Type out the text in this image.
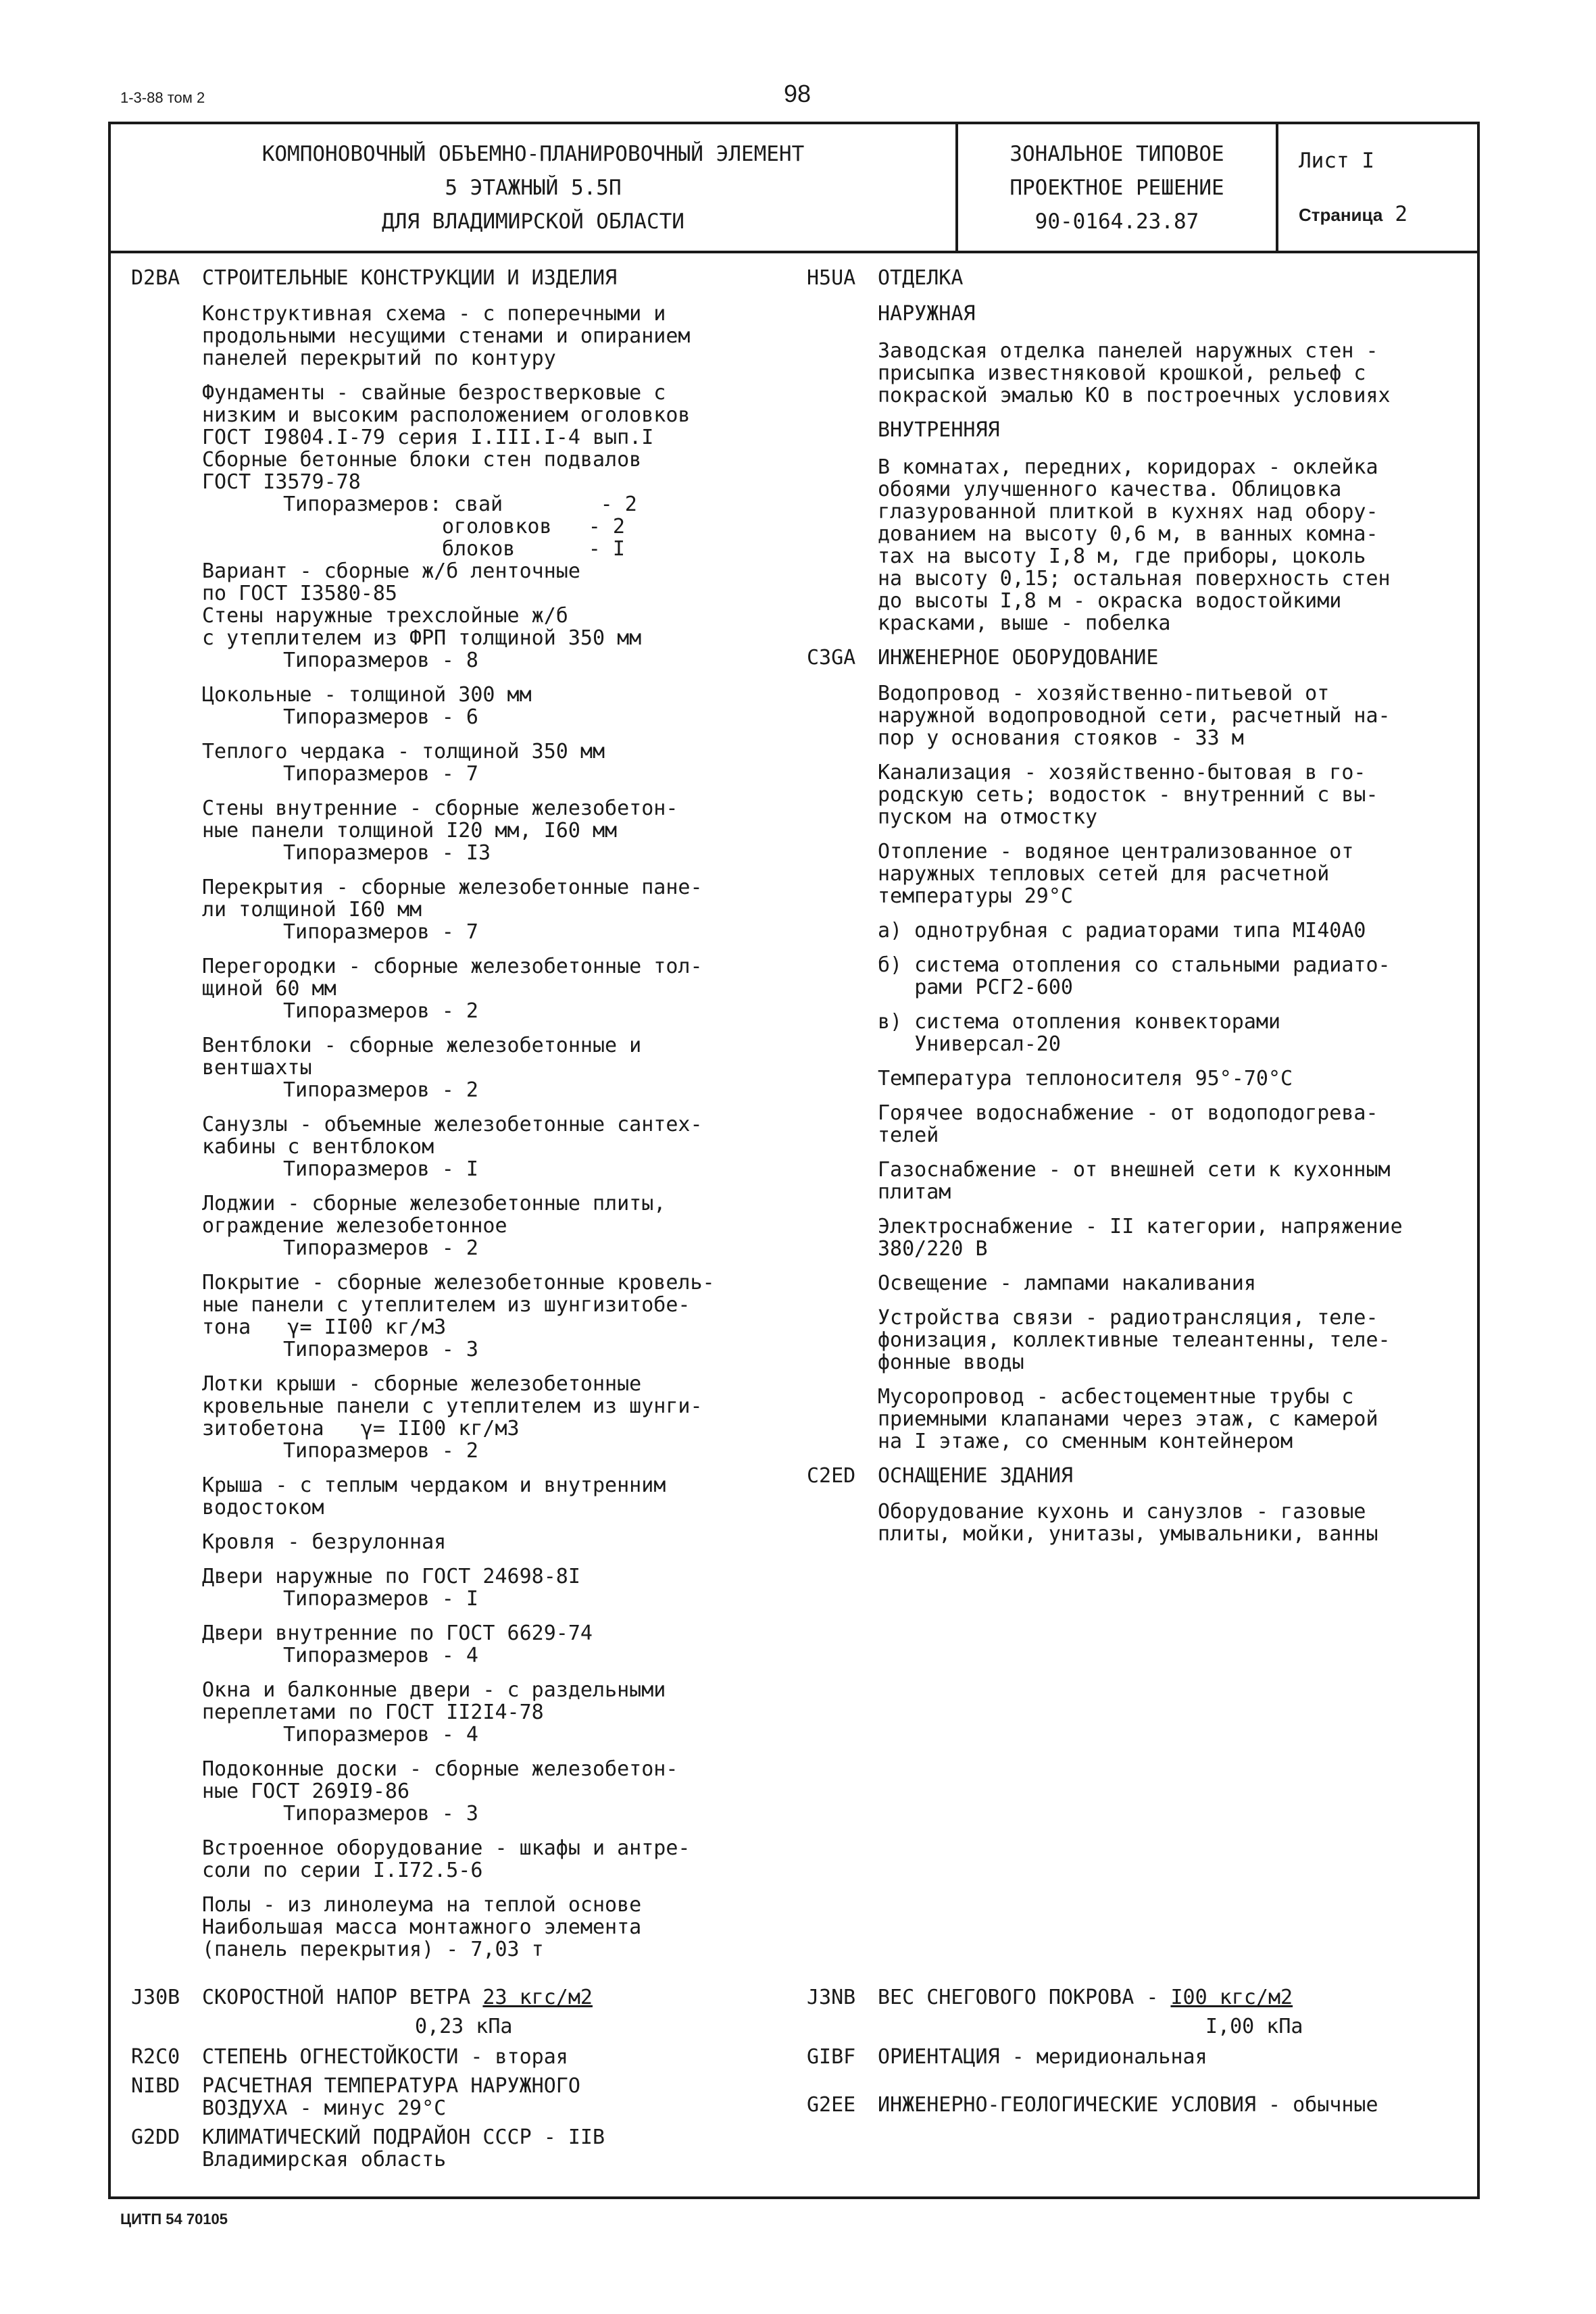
1-3-88 том 2	98
КОМПОНОВОЧНЫЙ ОБЪЕМНО-ПЛАНИРОВОЧНЫЙ ЭЛЕМЕНТ
5 ЭТАЖНЫЙ 5.5П
ДЛЯ ВЛАДИМИРСКОЙ ОБЛАСТИ
ЗОНАЛЬНОЕ ТИПОВОЕ
ПРОЕКТНОЕ РЕШЕНИЕ
90-0164.23.87
Лист I
Страница 2
D2BA	СТРОИТЕЛЬНЫЕ КОНСТРУКЦИИ И ИЗДЕЛИЯ
Конструктивная схема - с поперечными и
продольными несущими стенами и опиранием
панелей перекрытий по контуру
Фундаменты - свайные безростверковые с
низким и высоким расположением оголовков
ГОСТ I9804.I-79 серия I.III.I-4 вып.I
Сборные бетонные блоки стен подвалов
ГОСТ I3579-78
Типоразмеров: свай        - 2
оголовков   - 2
блоков      - I
Вариант - сборные ж/б ленточные
по ГОСТ I3580-85
Стены наружные трехслойные ж/б
с утеплителем из ФРП толщиной 350 мм
Типоразмеров - 8
Цокольные - толщиной 300 мм
Типоразмеров - 6
Теплого чердака - толщиной 350 мм
Типоразмеров - 7
Стены внутренние - сборные железобетон-
ные панели толщиной I20 мм, I60 мм
Типоразмеров - I3
Перекрытия - сборные железобетонные пане-
ли толщиной I60 мм
Типоразмеров - 7
Перегородки - сборные железобетонные тол-
щиной 60 мм
Типоразмеров - 2
Вентблоки - сборные железобетонные и
вентшахты
Типоразмеров - 2
Санузлы - объемные железобетонные сантех-
кабины с вентблоком
Типоразмеров - I
Лоджии - сборные железобетонные плиты,
ограждение железобетонное
Типоразмеров - 2
Покрытие - сборные железобетонные кровель-
ные панели с утеплителем из шунгизитобе-
тона   γ= II00 кг/м3
Типоразмеров - 3
Лотки крыши - сборные железобетонные
кровельные панели с утеплителем из шунги-
зитобетона   γ= II00 кг/м3
Типоразмеров - 2
Крыша - с теплым чердаком и внутренним
водостоком
Кровля - безрулонная
Двери наружные по ГОСТ 24698-8I
Типоразмеров - I
Двери внутренние по ГОСТ 6629-74
Типоразмеров - 4
Окна и балконные двери - с раздельными
переплетами по ГОСТ II2I4-78
Типоразмеров - 4
Подоконные доски - сборные железобетон-
ные ГОСТ 269I9-86
Типоразмеров - 3
Встроенное оборудование - шкафы и антре-
соли по серии I.I72.5-6
Полы - из линолеума на теплой основе
Наибольшая масса монтажного элемента
(панель перекрытия) - 7,03 т
H5UA	ОТДЕЛКА
НАРУЖНАЯ
Заводская отделка панелей наружных стен -
присыпка известняковой крошкой, рельеф с
покраской эмалью КО в построечных условиях
ВНУТРЕННЯЯ
В комнатах, передних, коридорах - оклейка
обоями улучшенного качества. Облицовка
глазурованной плиткой в кухнях над обору-
дованием на высоту 0,6 м, в ванных комна-
тах на высоту I,8 м, где приборы, цоколь
на высоту 0,15; остальная поверхность стен
до высоты I,8 м - окраска водостойкими
красками, выше - побелка
C3GA	ИНЖЕНЕРНОЕ ОБОРУДОВАНИЕ
Водопровод - хозяйственно-питьевой от
наружной водопроводной сети, расчетный на-
пор у основания стояков - 33 м
Канализация - хозяйственно-бытовая в го-
родскую сеть; водосток - внутренний с вы-
пуском на отмостку
Отопление - водяное централизованное от
наружных тепловых сетей для расчетной
температуры 29°С
а) однотрубная с радиаторами типа МI40А0
б) система отопления со стальными радиато-
рами РСГ2-600
в) система отопления конвекторами
Универсал-20
Температура теплоносителя 95°-70°С
Горячее водоснабжение - от водоподогрева-
телей
Газоснабжение - от внешней сети к кухонным
плитам
Электроснабжение - II категории, напряжение
380/220 В
Освещение - лампами накаливания
Устройства связи - радиотрансляция, теле-
фонизация, коллективные телеантенны, теле-
фонные вводы
Мусоропровод - асбестоцементные трубы с
приемными клапанами через этаж, с камерой
на I этаже, со сменным контейнером
C2ED	ОСНАЩЕНИЕ ЗДАНИЯ
Оборудование кухонь и санузлов - газовые
плиты, мойки, унитазы, умывальники, ванны
J30B	СКОРОСТНОЙ НАПОР ВЕТРА 23 кгс/м2
0,23 кПа
R2C0	СТЕПЕНЬ ОГНЕСТОЙКОСТИ - вторая
NIBD	РАСЧЕТНАЯ ТЕМПЕРАТУРА НАРУЖНОГО
ВОЗДУХА - минус 29°С
G2DD	КЛИМАТИЧЕСКИЙ ПОДРАЙОН СССР - IIВ
Владимирская область
J3NB	ВЕС СНЕГОВОГО ПОКРОВА - I00 кгс/м2
I,00 кПа
GIBF	ОРИЕНТАЦИЯ - меридиональная
G2EE	ИНЖЕНЕРНО-ГЕОЛОГИЧЕСКИЕ УСЛОВИЯ - обычные
ЦИТП 54 70105
